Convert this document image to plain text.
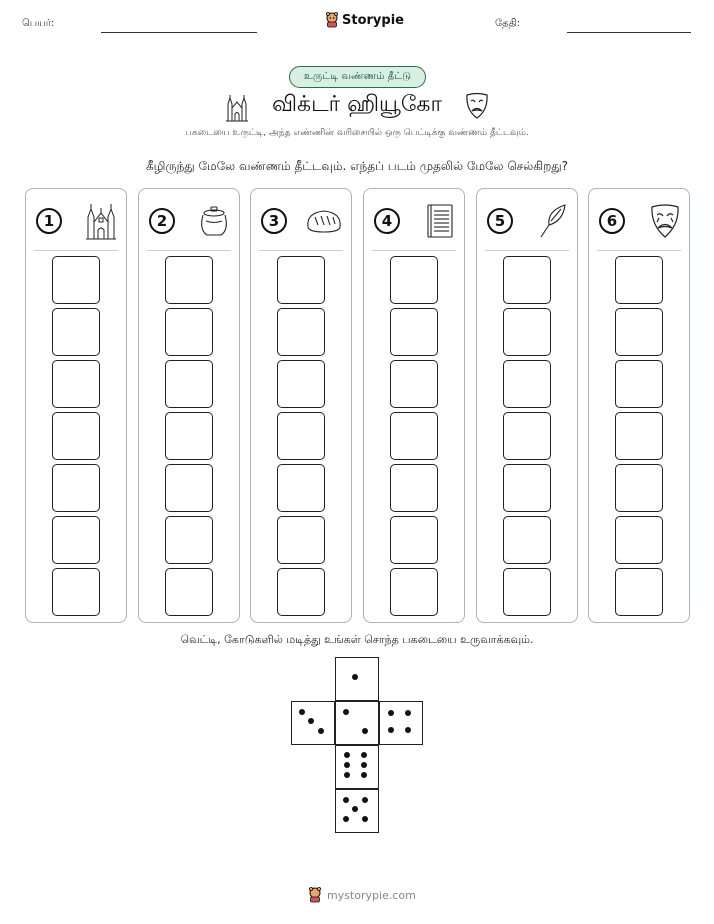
பெயர்:	Storypie	தேதி:
உருட்டி வண்ணம் தீட்டு
விக்டர் ஹியூகோ
பகடையை உருட்டி, அந்த எண்ணின் வரிசையில் ஒரு பெட்டிக்கு வண்ணம் தீட்டவும்.
கீழிருந்து மேலே வண்ணம் தீட்டவும். எந்தப் படம் முதலில் மேலே செல்கிறது?
1	2	3	4	5	6
வெட்டி, கோடுகளில் மடித்து உங்கள் சொந்த பகடையை உருவாக்கவும்.
mystorypie.com
